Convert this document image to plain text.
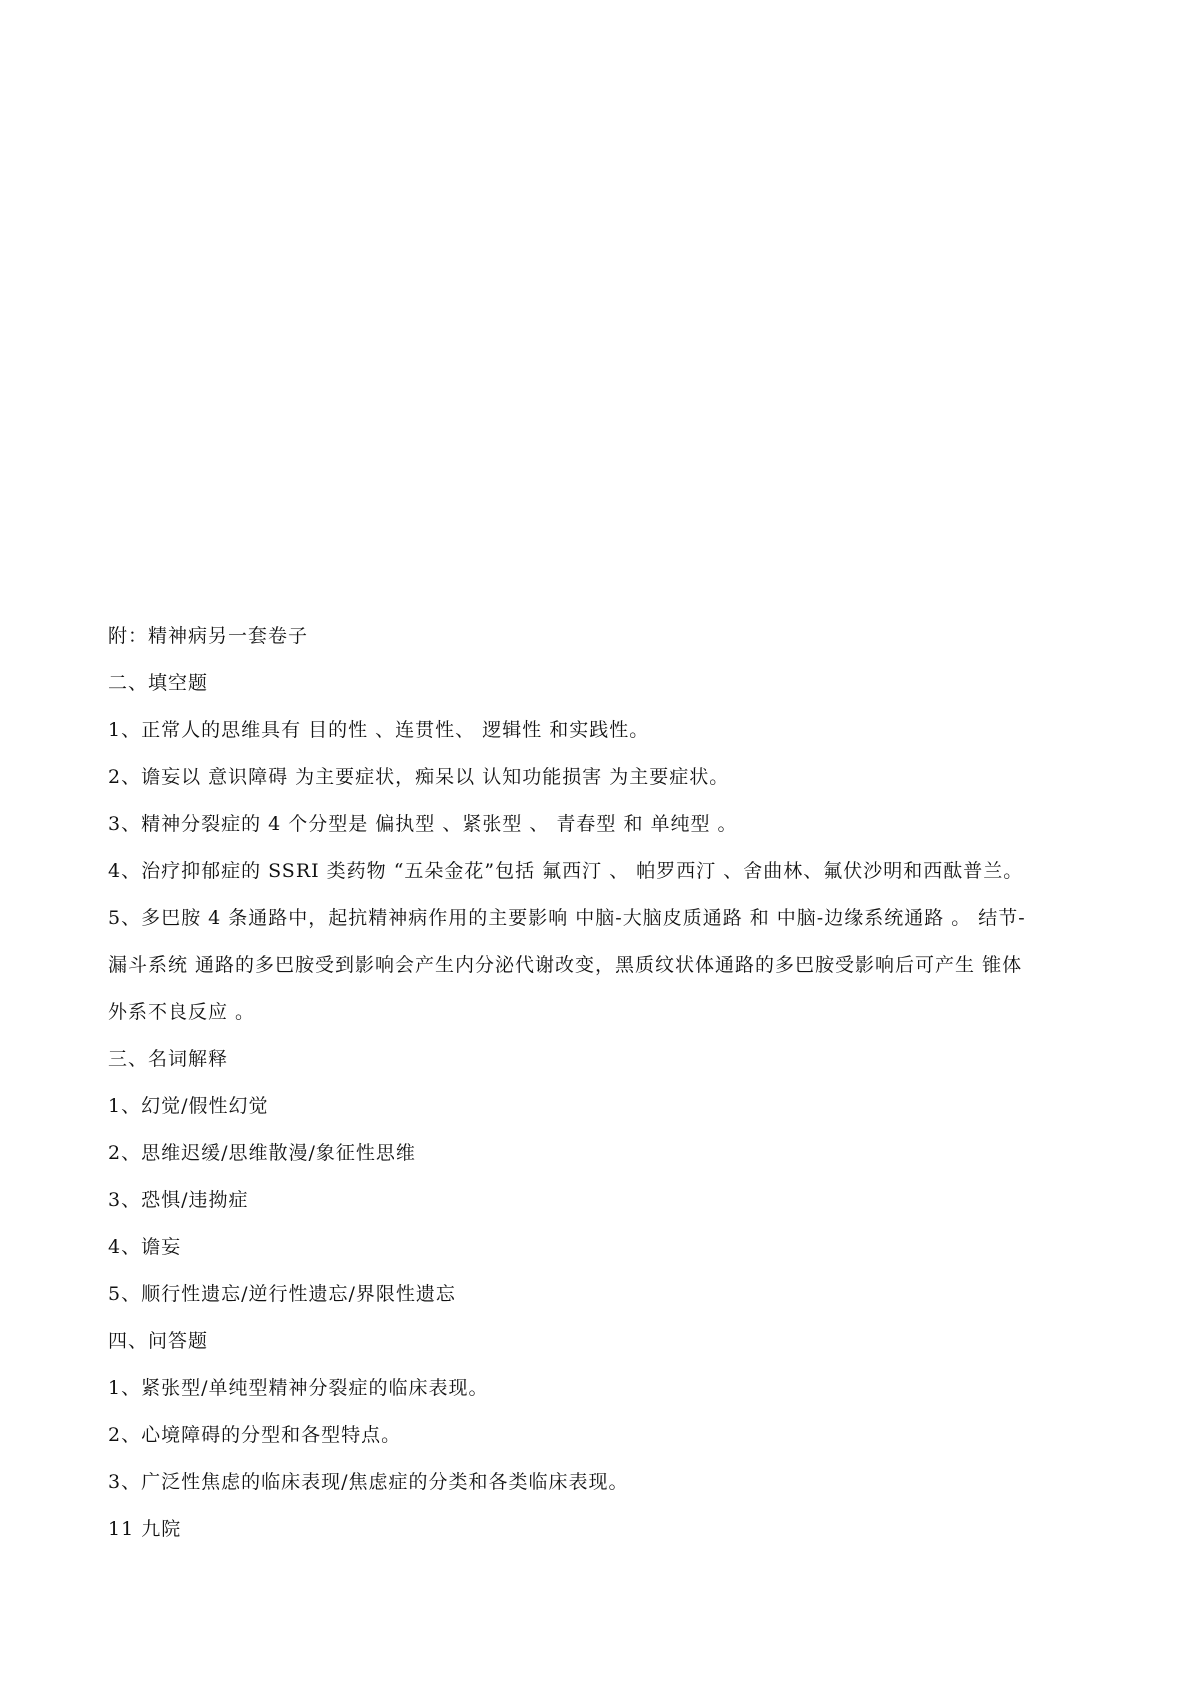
附：精神病另一套卷子
二、填空题
1、正常人的思维具有 目的性 、连贯性、 逻辑性 和实践性。
2、谵妄以 意识障碍 为主要症状，痴呆以 认知功能损害 为主要症状。
3、精神分裂症的 4 个分型是 偏执型 、紧张型 、 青春型 和 单纯型 。
4、治疗抑郁症的 SSRI 类药物 “五朵金花”包括 氟西汀 、 帕罗西汀 、舍曲林、氟伏沙明和西酞普兰。
5、多巴胺 4 条通路中，起抗精神病作用的主要影响 中脑-大脑皮质通路 和 中脑-边缘系统通路 。 结节-
漏斗系统 通路的多巴胺受到影响会产生内分泌代谢改变，黑质纹状体通路的多巴胺受影响后可产生 锥体
外系不良反应 。
三、名词解释
1、幻觉/假性幻觉
2、思维迟缓/思维散漫/象征性思维
3、恐惧/违拗症
4、谵妄
5、顺行性遗忘/逆行性遗忘/界限性遗忘
四、问答题
1、紧张型/单纯型精神分裂症的临床表现。
2、心境障碍的分型和各型特点。
3、广泛性焦虑的临床表现/焦虑症的分类和各类临床表现。
11 九院
